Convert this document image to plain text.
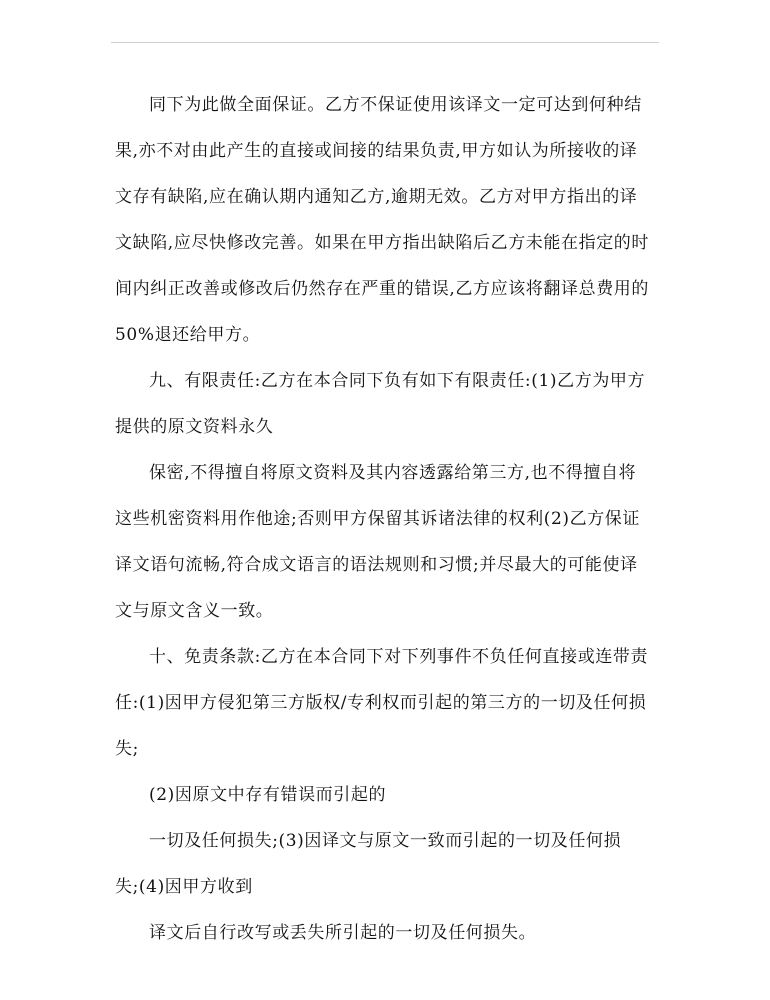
同下为此做全面保证。乙方不保证使用该译文一定可达到何种结
果,亦不对由此产生的直接或间接的结果负责,甲方如认为所接收的译
文存有缺陷,应在确认期内通知乙方,逾期无效。乙方对甲方指出的译
文缺陷,应尽快修改完善。如果在甲方指出缺陷后乙方未能在指定的时
间内纠正改善或修改后仍然存在严重的错误,乙方应该将翻译总费用的
50%退还给甲方。
九、有限责任:乙方在本合同下负有如下有限责任:(1)乙方为甲方
提供的原文资料永久
保密,不得擅自将原文资料及其内容透露给第三方,也不得擅自将
这些机密资料用作他途;否则甲方保留其诉诸法律的权利(2)乙方保证
译文语句流畅,符合成文语言的语法规则和习惯;并尽最大的可能使译
文与原文含义一致。
十、免责条款:乙方在本合同下对下列事件不负任何直接或连带责
任:(1)因甲方侵犯第三方版权/专利权而引起的第三方的一切及任何损
失;
(2)因原文中存有错误而引起的
一切及任何损失;(3)因译文与原文一致而引起的一切及任何损
失;(4)因甲方收到
译文后自行改写或丢失所引起的一切及任何损失。
